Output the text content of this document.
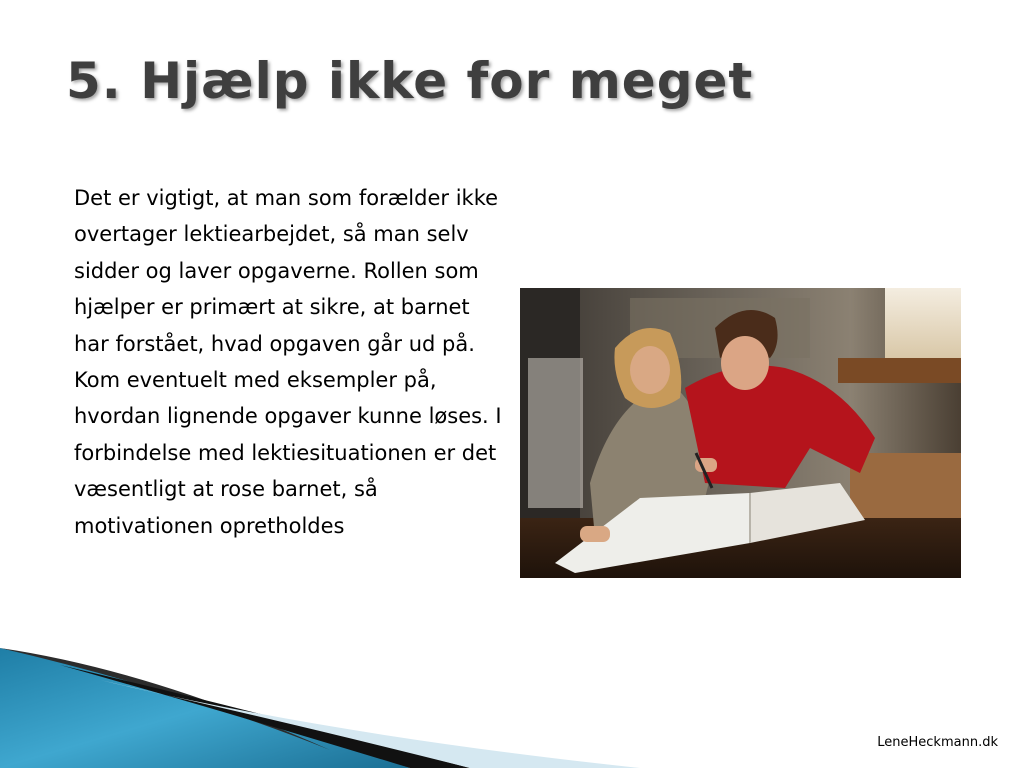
5. Hjælp ikke for meget

Det er vigtigt, at man som forælder ikke overtager lektiearbejdet, så man selv sidder og laver opgaverne. Rollen som hjælper er primært at sikre, at barnet har forstået, hvad opgaven går ud på. Kom eventuelt med eksempler på, hvordan lignende opgaver kunne løses. I forbindelse med lektiesituationen er det væsentligt at rose barnet, så motivationen opretholdes

LeneHeckmann.dk
